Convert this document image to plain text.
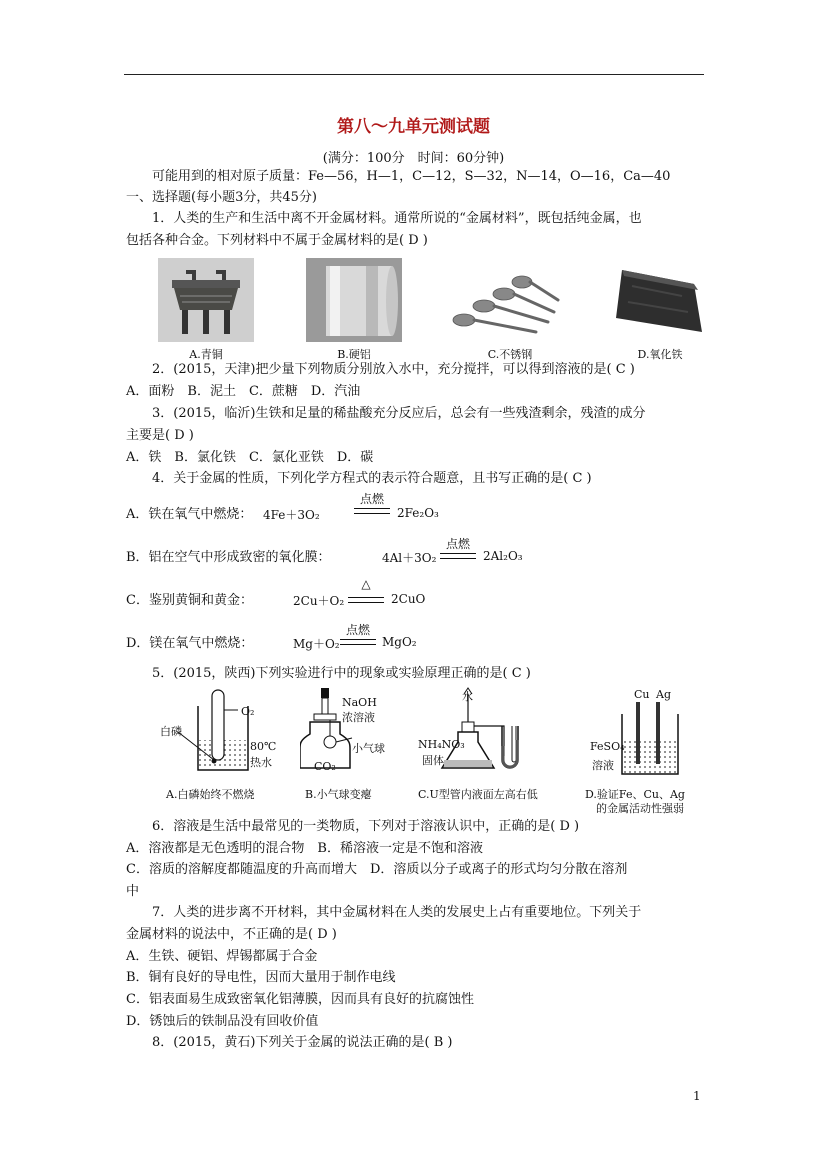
第八～九单元测试题
(满分：100分　时间：60分钟)
可能用到的相对原子质量：Fe—56，H—1，C—12，S—32，N—14，O—16，Ca—40
一、选择题(每小题3分，共45分)
1．人类的生产和生活中离不开金属材料。通常所说的“金属材料”，既包括纯金属，也
包括各种合金。下列材料中不属于金属材料的是( D )
A.青铜	B.硬铝	C.不锈钢	D.氧化铁
2．(2015，天津)把少量下列物质分别放入水中，充分搅拌，可以得到溶液的是( C )
A．面粉　B．泥土　C．蔗糖　D．汽油
3．(2015，临沂)生铁和足量的稀盐酸充分反应后，总会有一些残渣剩余，残渣的成分
主要是( D )
A．铁　B．氯化铁　C．氯化亚铁　D．碳
4．关于金属的性质，下列化学方程式的表示符合题意，且书写正确的是( C )
A．铁在氧气中燃烧： 4Fe＋3O₂
点燃
2Fe₂O₃
B．铝在空气中形成致密的氧化膜：	4Al＋3O₂
点燃
2Al₂O₃
C．鉴别黄铜和黄金：	2Cu＋O₂
△
2CuO
D．镁在氧气中燃烧：	Mg＋O₂
点燃
MgO₂
5．(2015，陕西)下列实验进行中的现象或实验原理正确的是( C )
O₂
白磷
80℃
热水
A.白磷始终不燃烧
NaOH
浓溶液
小气球
CO₂
B.小气球变瘪
水
NH₄NO₃
固体
C.U型管内液面左高右低
Cu Ag
FeSO₄
溶液
D.验证Fe、Cu、Ag
的金属活动性强弱
6．溶液是生活中最常见的一类物质，下列对于溶液认识中，正确的是( D )
A．溶液都是无色透明的混合物　B．稀溶液一定是不饱和溶液
C．溶质的溶解度都随温度的升高而增大　D．溶质以分子或离子的形式均匀分散在溶剂
中
7．人类的进步离不开材料，其中金属材料在人类的发展史上占有重要地位。下列关于
金属材料的说法中，不正确的是( D )
A．生铁、硬铝、焊锡都属于合金
B．铜有良好的导电性，因而大量用于制作电线
C．铝表面易生成致密氧化铝薄膜，因而具有良好的抗腐蚀性
D．锈蚀后的铁制品没有回收价值
8．(2015，黄石)下列关于金属的说法正确的是( B )
1
